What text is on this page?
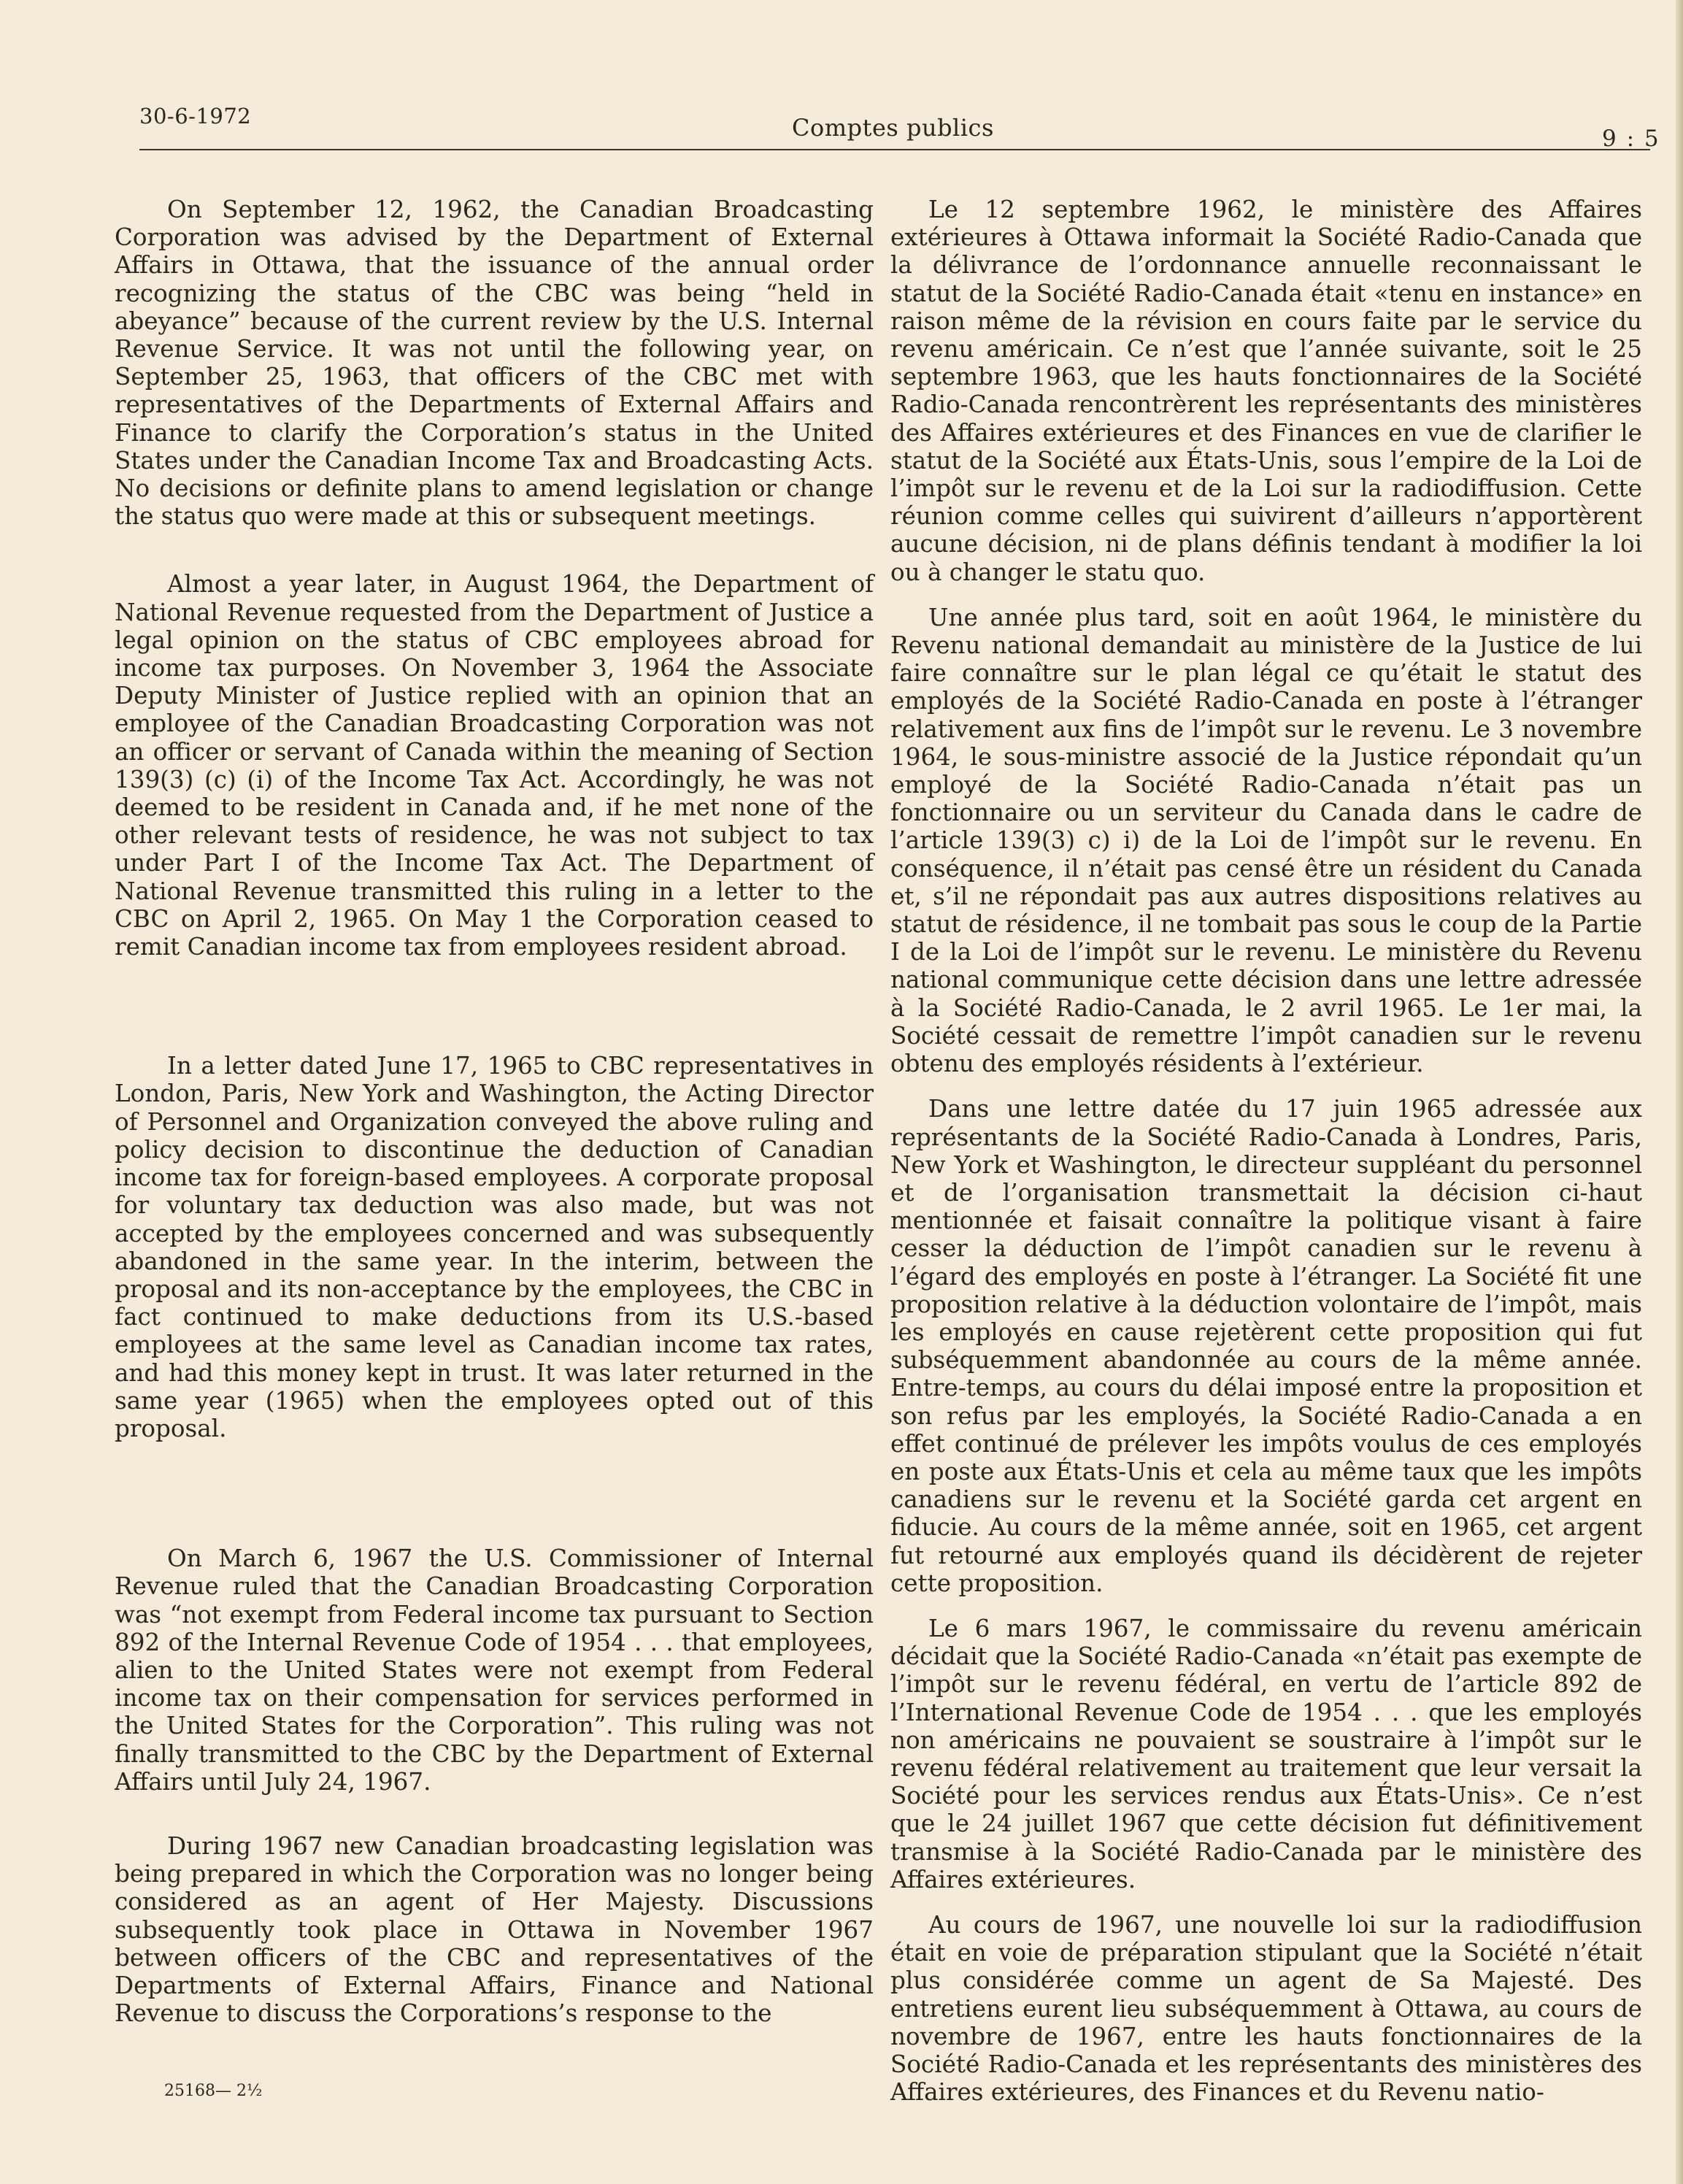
30-6-1972	Comptes publics	9 : 5

On September 12, 1962, the Canadian Broadcasting Corporation was advised by the Department of External Affairs in Ottawa, that the issuance of the annual order recognizing the status of the CBC was being “held in abeyance” because of the current review by the U.S. Internal Revenue Service. It was not until the following year, on September 25, 1963, that officers of the CBC met with representatives of the Departments of External Affairs and Finance to clarify the Corporation’s status in the United States under the Canadian Income Tax and Broadcasting Acts. No decisions or definite plans to amend legislation or change the status quo were made at this or subsequent meetings.

Almost a year later, in August 1964, the Department of National Revenue requested from the Department of Justice a legal opinion on the status of CBC employees abroad for income tax purposes. On November 3, 1964 the Associate Deputy Minister of Justice replied with an opinion that an employee of the Canadian Broadcasting Corporation was not an officer or servant of Canada within the meaning of Section 139(3) (c) (i) of the Income Tax Act. Accordingly, he was not deemed to be resident in Canada and, if he met none of the other relevant tests of residence, he was not subject to tax under Part I of the Income Tax Act. The Department of National Revenue transmitted this ruling in a letter to the CBC on April 2, 1965. On May 1 the Corporation ceased to remit Canadian income tax from employees resident abroad.

In a letter dated June 17, 1965 to CBC representatives in London, Paris, New York and Washington, the Acting Director of Personnel and Organization conveyed the above ruling and policy decision to discontinue the deduction of Canadian income tax for foreign-based employees. A corporate proposal for voluntary tax deduction was also made, but was not accepted by the employees concerned and was subsequently abandoned in the same year. In the interim, between the proposal and its non-acceptance by the employees, the CBC in fact continued to make deductions from its U.S.-based employees at the same level as Canadian income tax rates, and had this money kept in trust. It was later returned in the same year (1965) when the employees opted out of this proposal.

On March 6, 1967 the U.S. Commissioner of Internal Revenue ruled that the Canadian Broadcasting Corporation was “not exempt from Federal income tax pursuant to Section 892 of the Internal Revenue Code of 1954 . . . that employees, alien to the United States were not exempt from Federal income tax on their compensation for services performed in the United States for the Corporation”. This ruling was not finally transmitted to the CBC by the Department of External Affairs until July 24, 1967.

During 1967 new Canadian broadcasting legislation was being prepared in which the Corporation was no longer being considered as an agent of Her Majesty. Discussions subsequently took place in Ottawa in November 1967 between officers of the CBC and representatives of the Departments of External Affairs, Finance and National Revenue to discuss the Corporations’s response to the

Le 12 septembre 1962, le ministère des Affaires extérieures à Ottawa informait la Société Radio-Canada que la délivrance de l’ordonnance annuelle reconnaissant le statut de la Société Radio-Canada était «tenu en instance» en raison même de la révision en cours faite par le service du revenu américain. Ce n’est que l’année suivante, soit le 25 septembre 1963, que les hauts fonctionnaires de la Société Radio-Canada rencontrèrent les représentants des ministères des Affaires extérieures et des Finances en vue de clarifier le statut de la Société aux États-Unis, sous l’empire de la Loi de l’impôt sur le revenu et de la Loi sur la radiodiffusion. Cette réunion comme celles qui suivirent d’ailleurs n’apportèrent aucune décision, ni de plans définis tendant à modifier la loi ou à changer le statu quo.

Une année plus tard, soit en août 1964, le ministère du Revenu national demandait au ministère de la Justice de lui faire connaître sur le plan légal ce qu’était le statut des employés de la Société Radio-Canada en poste à l’étranger relativement aux fins de l’impôt sur le revenu. Le 3 novembre 1964, le sous-ministre associé de la Justice répondait qu’un employé de la Société Radio-Canada n’était pas un fonctionnaire ou un serviteur du Canada dans le cadre de l’article 139(3) c) i) de la Loi de l’impôt sur le revenu. En conséquence, il n’était pas censé être un résident du Canada et, s’il ne répondait pas aux autres dispositions relatives au statut de résidence, il ne tombait pas sous le coup de la Partie I de la Loi de l’impôt sur le revenu. Le ministère du Revenu national communique cette décision dans une lettre adressée à la Société Radio-Canada, le 2 avril 1965. Le 1er mai, la Société cessait de remettre l’impôt canadien sur le revenu obtenu des employés résidents à l’extérieur.

Dans une lettre datée du 17 juin 1965 adressée aux représentants de la Société Radio-Canada à Londres, Paris, New York et Washington, le directeur suppléant du personnel et de l’organisation transmettait la décision ci-haut mentionnée et faisait connaître la politique visant à faire cesser la déduction de l’impôt canadien sur le revenu à l’égard des employés en poste à l’étranger. La Société fit une proposition relative à la déduction volontaire de l’impôt, mais les employés en cause rejetèrent cette proposition qui fut subséquemment abandonnée au cours de la même année. Entre-temps, au cours du délai imposé entre la proposition et son refus par les employés, la Société Radio-Canada a en effet continué de prélever les impôts voulus de ces employés en poste aux États-Unis et cela au même taux que les impôts canadiens sur le revenu et la Société garda cet argent en fiducie. Au cours de la même année, soit en 1965, cet argent fut retourné aux employés quand ils décidèrent de rejeter cette proposition.

Le 6 mars 1967, le commissaire du revenu américain décidait que la Société Radio-Canada «n’était pas exempte de l’impôt sur le revenu fédéral, en vertu de l’article 892 de l’International Revenue Code de 1954 . . . que les employés non américains ne pouvaient se soustraire à l’impôt sur le revenu fédéral relativement au traitement que leur versait la Société pour les services rendus aux États-Unis». Ce n’est que le 24 juillet 1967 que cette décision fut définitivement transmise à la Société Radio-Canada par le ministère des Affaires extérieures.

Au cours de 1967, une nouvelle loi sur la radiodiffusion était en voie de préparation stipulant que la Société n’était plus considérée comme un agent de Sa Majesté. Des entretiens eurent lieu subséquemment à Ottawa, au cours de novembre de 1967, entre les hauts fonctionnaires de la Société Radio-Canada et les représentants des ministères des Affaires extérieures, des Finances et du Revenu natio-

25168— 2½
